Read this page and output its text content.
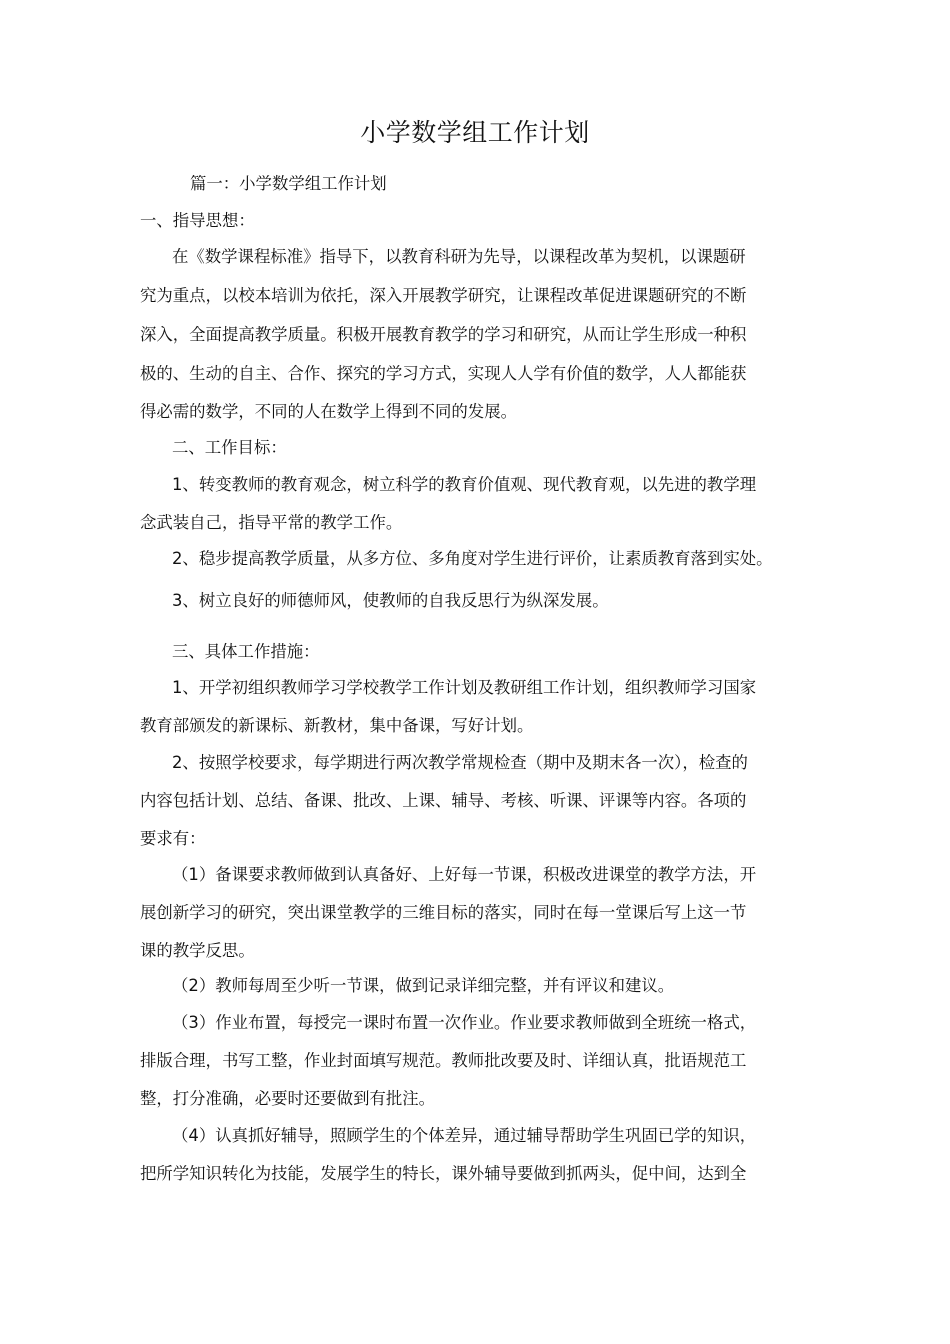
小学数学组工作计划

篇一：小学数学组工作计划

一、指导思想：

在《数学课程标准》指导下，以教育科研为先导，以课程改革为契机，以课题研

究为重点，以校本培训为依托，深入开展教学研究，让课程改革促进课题研究的不断

深入，全面提高教学质量。积极开展教育教学的学习和研究，从而让学生形成一种积

极的、生动的自主、合作、探究的学习方式，实现人人学有价值的数学，人人都能获

得必需的数学，不同的人在数学上得到不同的发展。

二、工作目标：

1、转变教师的教育观念，树立科学的教育价值观、现代教育观，以先进的教学理

念武装自己，指导平常的教学工作。

2、稳步提高教学质量，从多方位、多角度对学生进行评价，让素质教育落到实处。

3、树立良好的师德师风，使教师的自我反思行为纵深发展。

三、具体工作措施：

1、开学初组织教师学习学校教学工作计划及教研组工作计划，组织教师学习国家

教育部颁发的新课标、新教材，集中备课，写好计划。

2、按照学校要求，每学期进行两次教学常规检查（期中及期末各一次），检查的

内容包括计划、总结、备课、批改、上课、辅导、考核、听课、评课等内容。各项的

要求有：

（1）备课要求教师做到认真备好、上好每一节课，积极改进课堂的教学方法，开

展创新学习的研究，突出课堂教学的三维目标的落实，同时在每一堂课后写上这一节

课的教学反思。

（2）教师每周至少听一节课，做到记录详细完整，并有评议和建议。

（3）作业布置，每授完一课时布置一次作业。作业要求教师做到全班统一格式，

排版合理，书写工整，作业封面填写规范。教师批改要及时、详细认真，批语规范工

整，打分准确，必要时还要做到有批注。

（4）认真抓好辅导，照顾学生的个体差异，通过辅导帮助学生巩固已学的知识，

把所学知识转化为技能，发展学生的特长，课外辅导要做到抓两头，促中间，达到全
